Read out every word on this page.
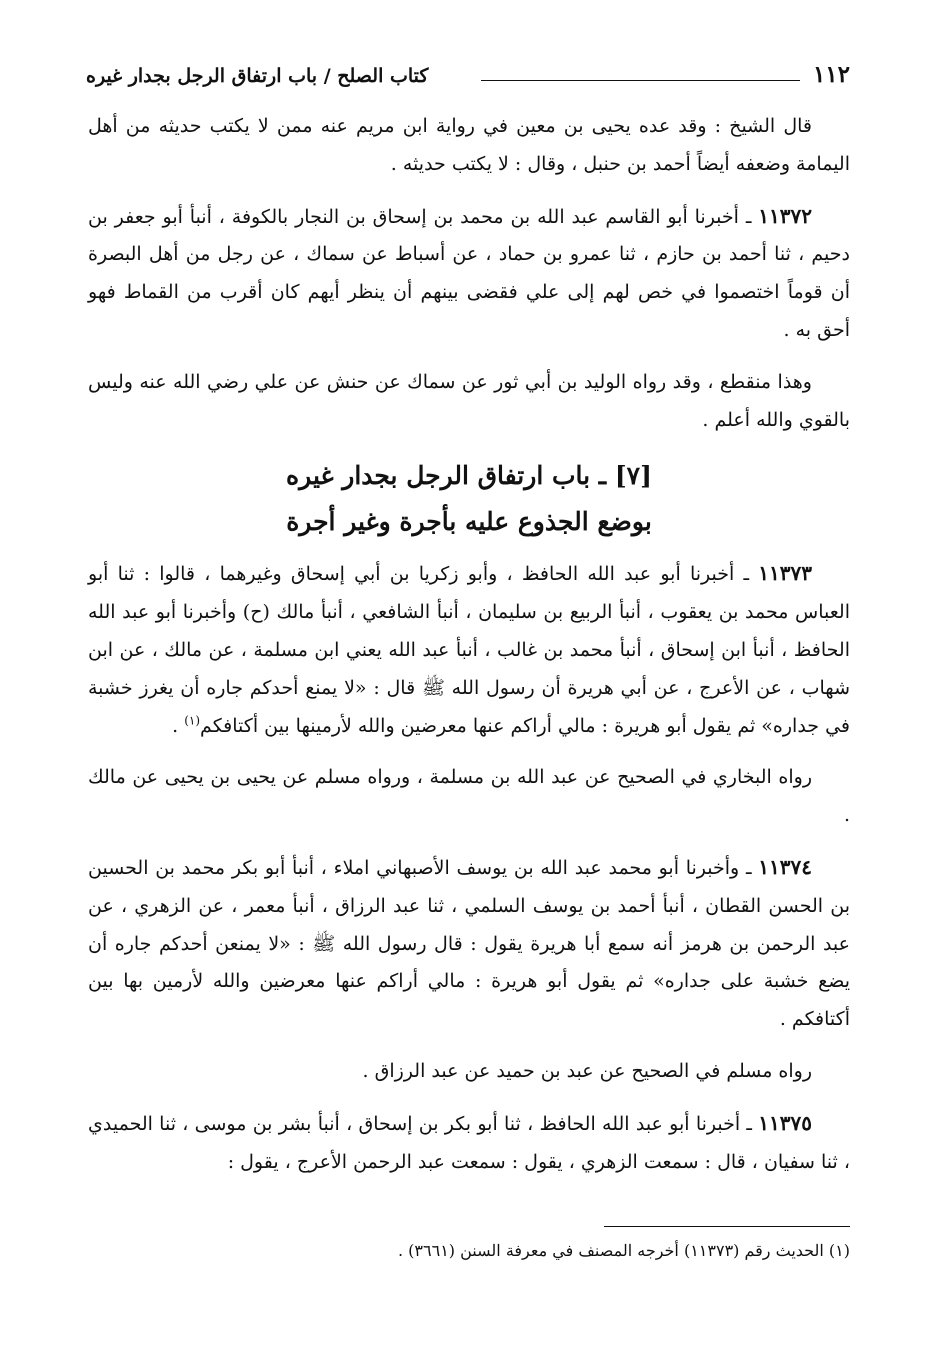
١١٢
كتاب الصلح / باب ارتفاق الرجل بجدار غيره

قال الشيخ : وقد عده يحيى بن معين في رواية ابن مريم عنه ممن لا يكتب حديثه من أهل اليمامة وضعفه أيضاً أحمد بن حنبل ، وقال : لا يكتب حديثه .

١١٣٧٢ ـ أخبرنا أبو القاسم عبد الله بن محمد بن إسحاق بن النجار بالكوفة ، أنبأ أبو جعفر بن دحيم ، ثنا أحمد بن حازم ، ثنا عمرو بن حماد ، عن أسباط عن سماك ، عن رجل من أهل البصرة أن قوماً اختصموا في خص لهم إلى علي فقضى بينهم أن ينظر أيهم كان أقرب من القماط فهو أحق به .

وهذا منقطع ، وقد رواه الوليد بن أبي ثور عن سماك عن حنش عن علي رضي الله عنه وليس بالقوي والله أعلم .

[٧] ـ باب ارتفاق الرجل بجدار غيره
بوضع الجذوع عليه بأجرة وغير أجرة

١١٣٧٣ ـ أخبرنا أبو عبد الله الحافظ ، وأبو زكريا بن أبي إسحاق وغيرهما ، قالوا : ثنا أبو العباس محمد بن يعقوب ، أنبأ الربيع بن سليمان ، أنبأ الشافعي ، أنبأ مالك (ح) وأخبرنا أبو عبد الله الحافظ ، أنبأ ابن إسحاق ، أنبأ محمد بن غالب ، أنبأ عبد الله يعني ابن مسلمة ، عن مالك ، عن ابن شهاب ، عن الأعرج ، عن أبي هريرة أن رسول الله ﷺ قال : «لا يمنع أحدكم جاره أن يغرز خشبة في جداره» ثم يقول أبو هريرة : مالي أراكم عنها معرضين والله لأرمينها بين أكتافكم$^{(١)}$ .

رواه البخاري في الصحيح عن عبد الله بن مسلمة ، ورواه مسلم عن يحيى بن يحيى عن مالك .

١١٣٧٤ ـ وأخبرنا أبو محمد عبد الله بن يوسف الأصبهاني املاء ، أنبأ أبو بكر محمد بن الحسين بن الحسن القطان ، أنبأ أحمد بن يوسف السلمي ، ثنا عبد الرزاق ، أنبأ معمر ، عن الزهري ، عن عبد الرحمن بن هرمز أنه سمع أبا هريرة يقول : قال رسول الله ﷺ : «لا يمنعن أحدكم جاره أن يضع خشبة على جداره» ثم يقول أبو هريرة : مالي أراكم عنها معرضين والله لأرمين بها بين أكتافكم .

رواه مسلم في الصحيح عن عبد بن حميد عن عبد الرزاق .

١١٣٧٥ ـ أخبرنا أبو عبد الله الحافظ ، ثنا أبو بكر بن إسحاق ، أنبأ بشر بن موسى ، ثنا الحميدي ، ثنا سفيان ، قال : سمعت الزهري ، يقول : سمعت عبد الرحمن الأعرج ، يقول :

(١) الحديث رقم (١١٣٧٣) أخرجه المصنف في معرفة السنن (٣٦٦١) .
